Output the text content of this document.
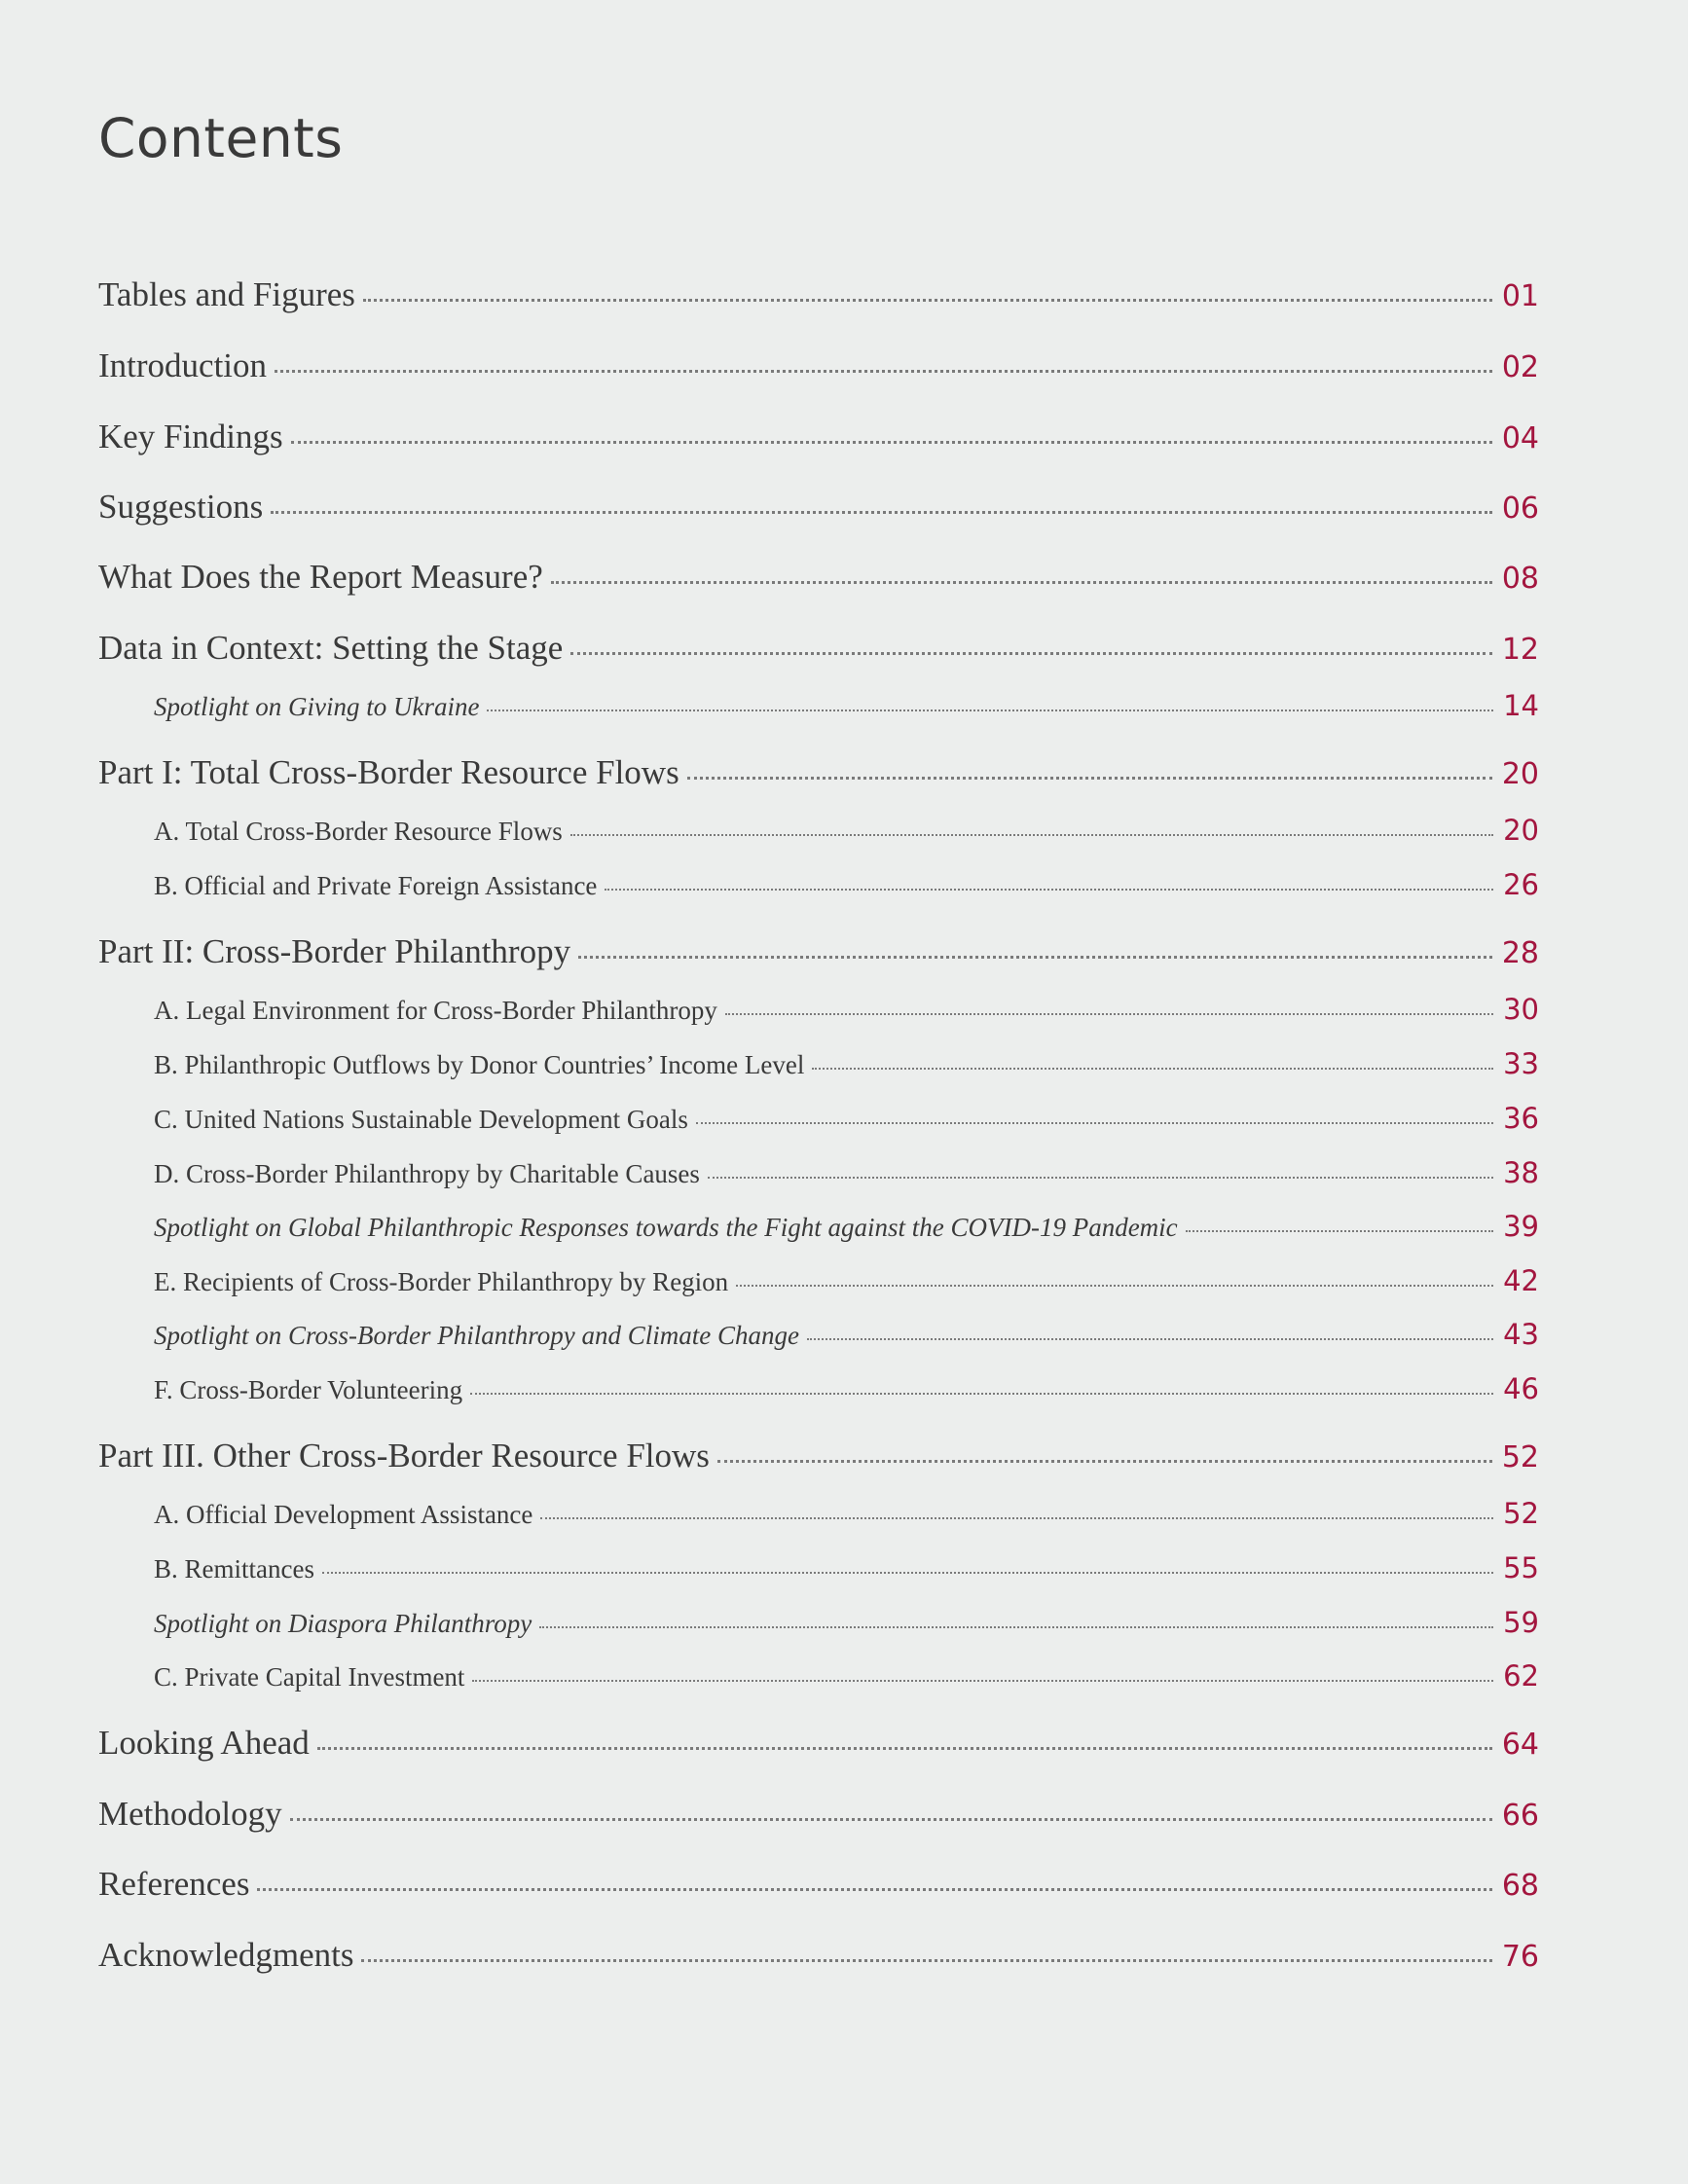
Contents
Tables and Figures	01
Introduction	02
Key Findings	04
Suggestions	06
What Does the Report Measure?	08
Data in Context: Setting the Stage	12
Spotlight on Giving to Ukraine	14
Part I: Total Cross-Border Resource Flows	20
A. Total Cross-Border Resource Flows	20
B. Official and Private Foreign Assistance	26
Part II: Cross-Border Philanthropy	28
A. Legal Environment for Cross-Border Philanthropy	30
B. Philanthropic Outflows by Donor Countries’ Income Level	33
C. United Nations Sustainable Development Goals	36
D. Cross-Border Philanthropy by Charitable Causes	38
Spotlight on Global Philanthropic Responses towards the Fight against the COVID-19 Pandemic	39
E. Recipients of Cross-Border Philanthropy by Region	42
Spotlight on Cross-Border Philanthropy and Climate Change	43
F. Cross-Border Volunteering	46
Part III. Other Cross-Border Resource Flows	52
A. Official Development Assistance	52
B. Remittances	55
Spotlight on Diaspora Philanthropy	59
C. Private Capital Investment	62
Looking Ahead	64
Methodology	66
References	68
Acknowledgments	76
